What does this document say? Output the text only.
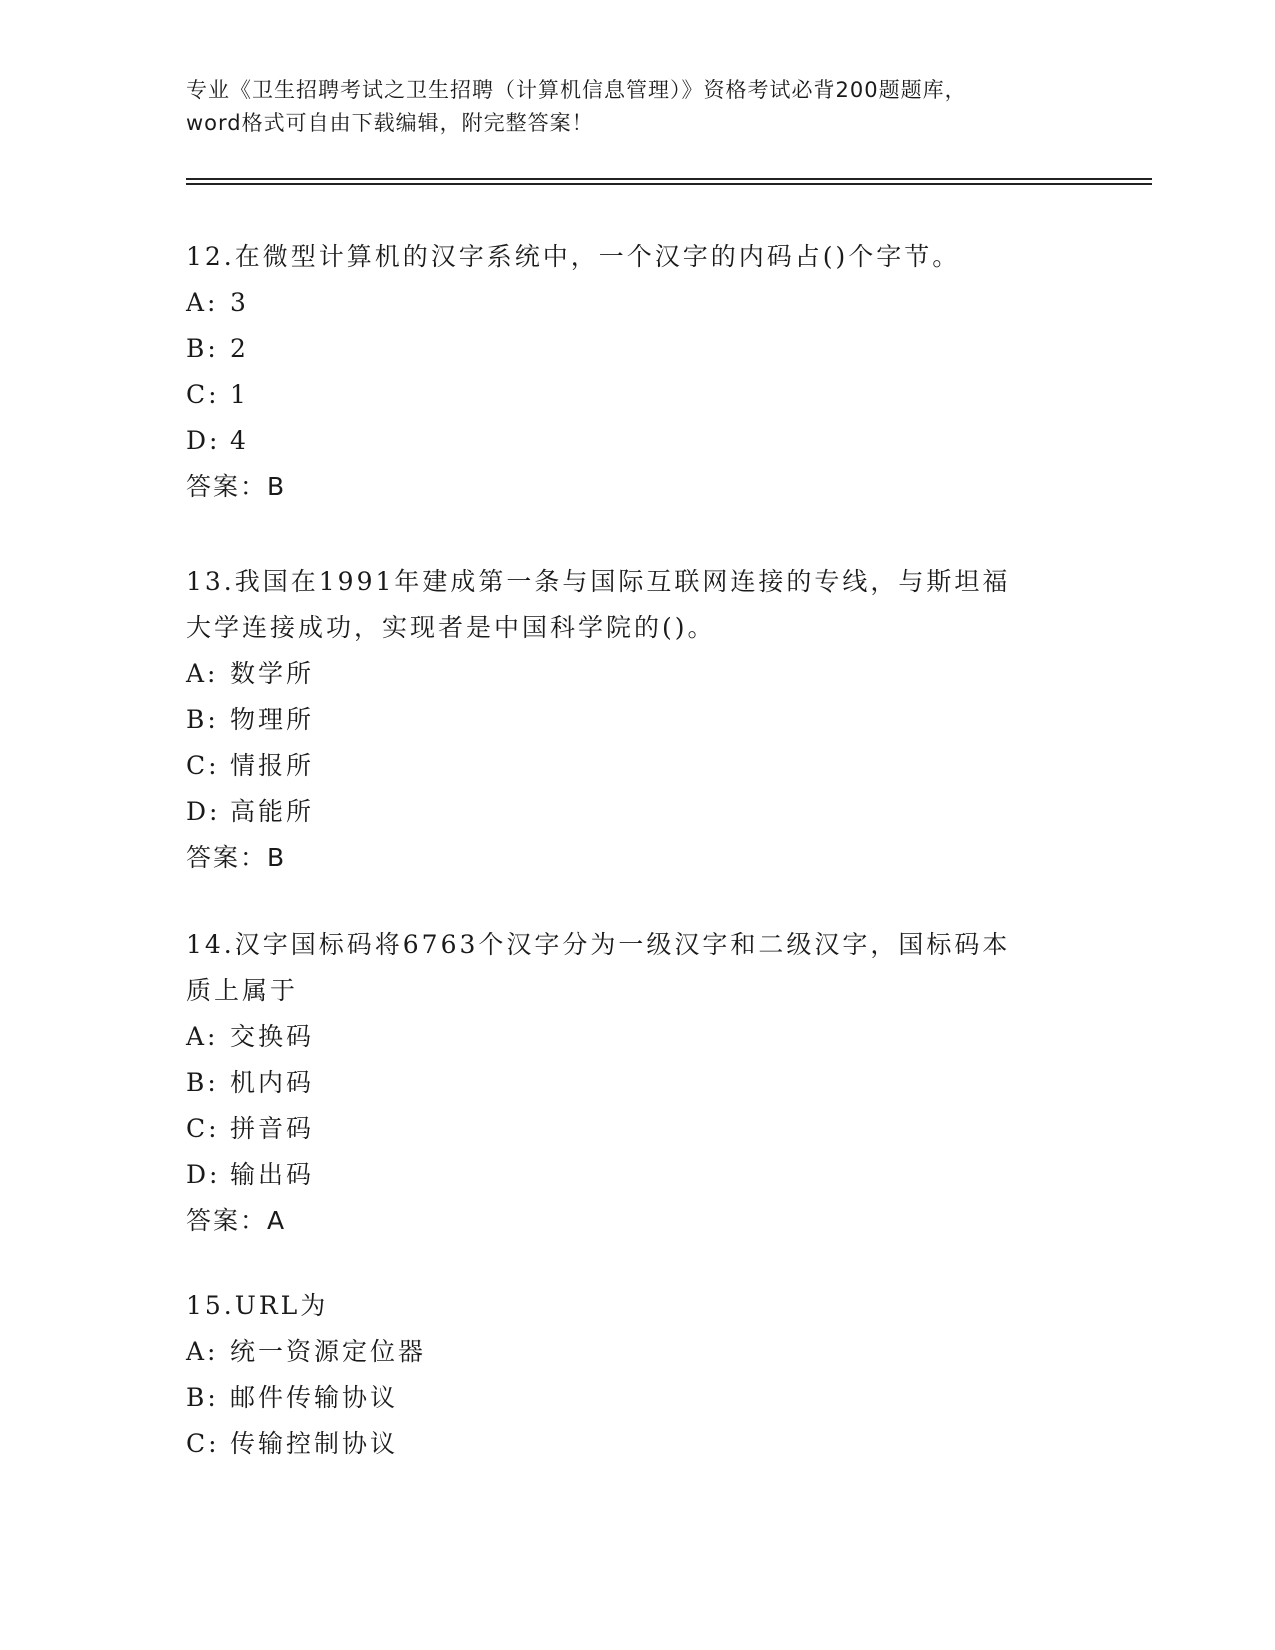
专业《卫生招聘考试之卫生招聘（计算机信息管理）》资格考试必背200题题库，
word格式可自由下载编辑，附完整答案！

12.在微型计算机的汉字系统中，一个汉字的内码占()个字节。

A: 3
B: 2
C: 1
D: 4
答案：B

13.我国在1991年建成第一条与国际互联网连接的专线，与斯坦福大学连接成功，实现者是中国科学院的()。

A: 数学所
B: 物理所
C: 情报所
D: 高能所
答案：B

14.汉字国标码将6763个汉字分为一级汉字和二级汉字，国标码本质上属于

A: 交换码
B: 机内码
C: 拼音码
D: 输出码
答案：A

15.URL为

A: 统一资源定位器
B: 邮件传输协议
C: 传输控制协议
